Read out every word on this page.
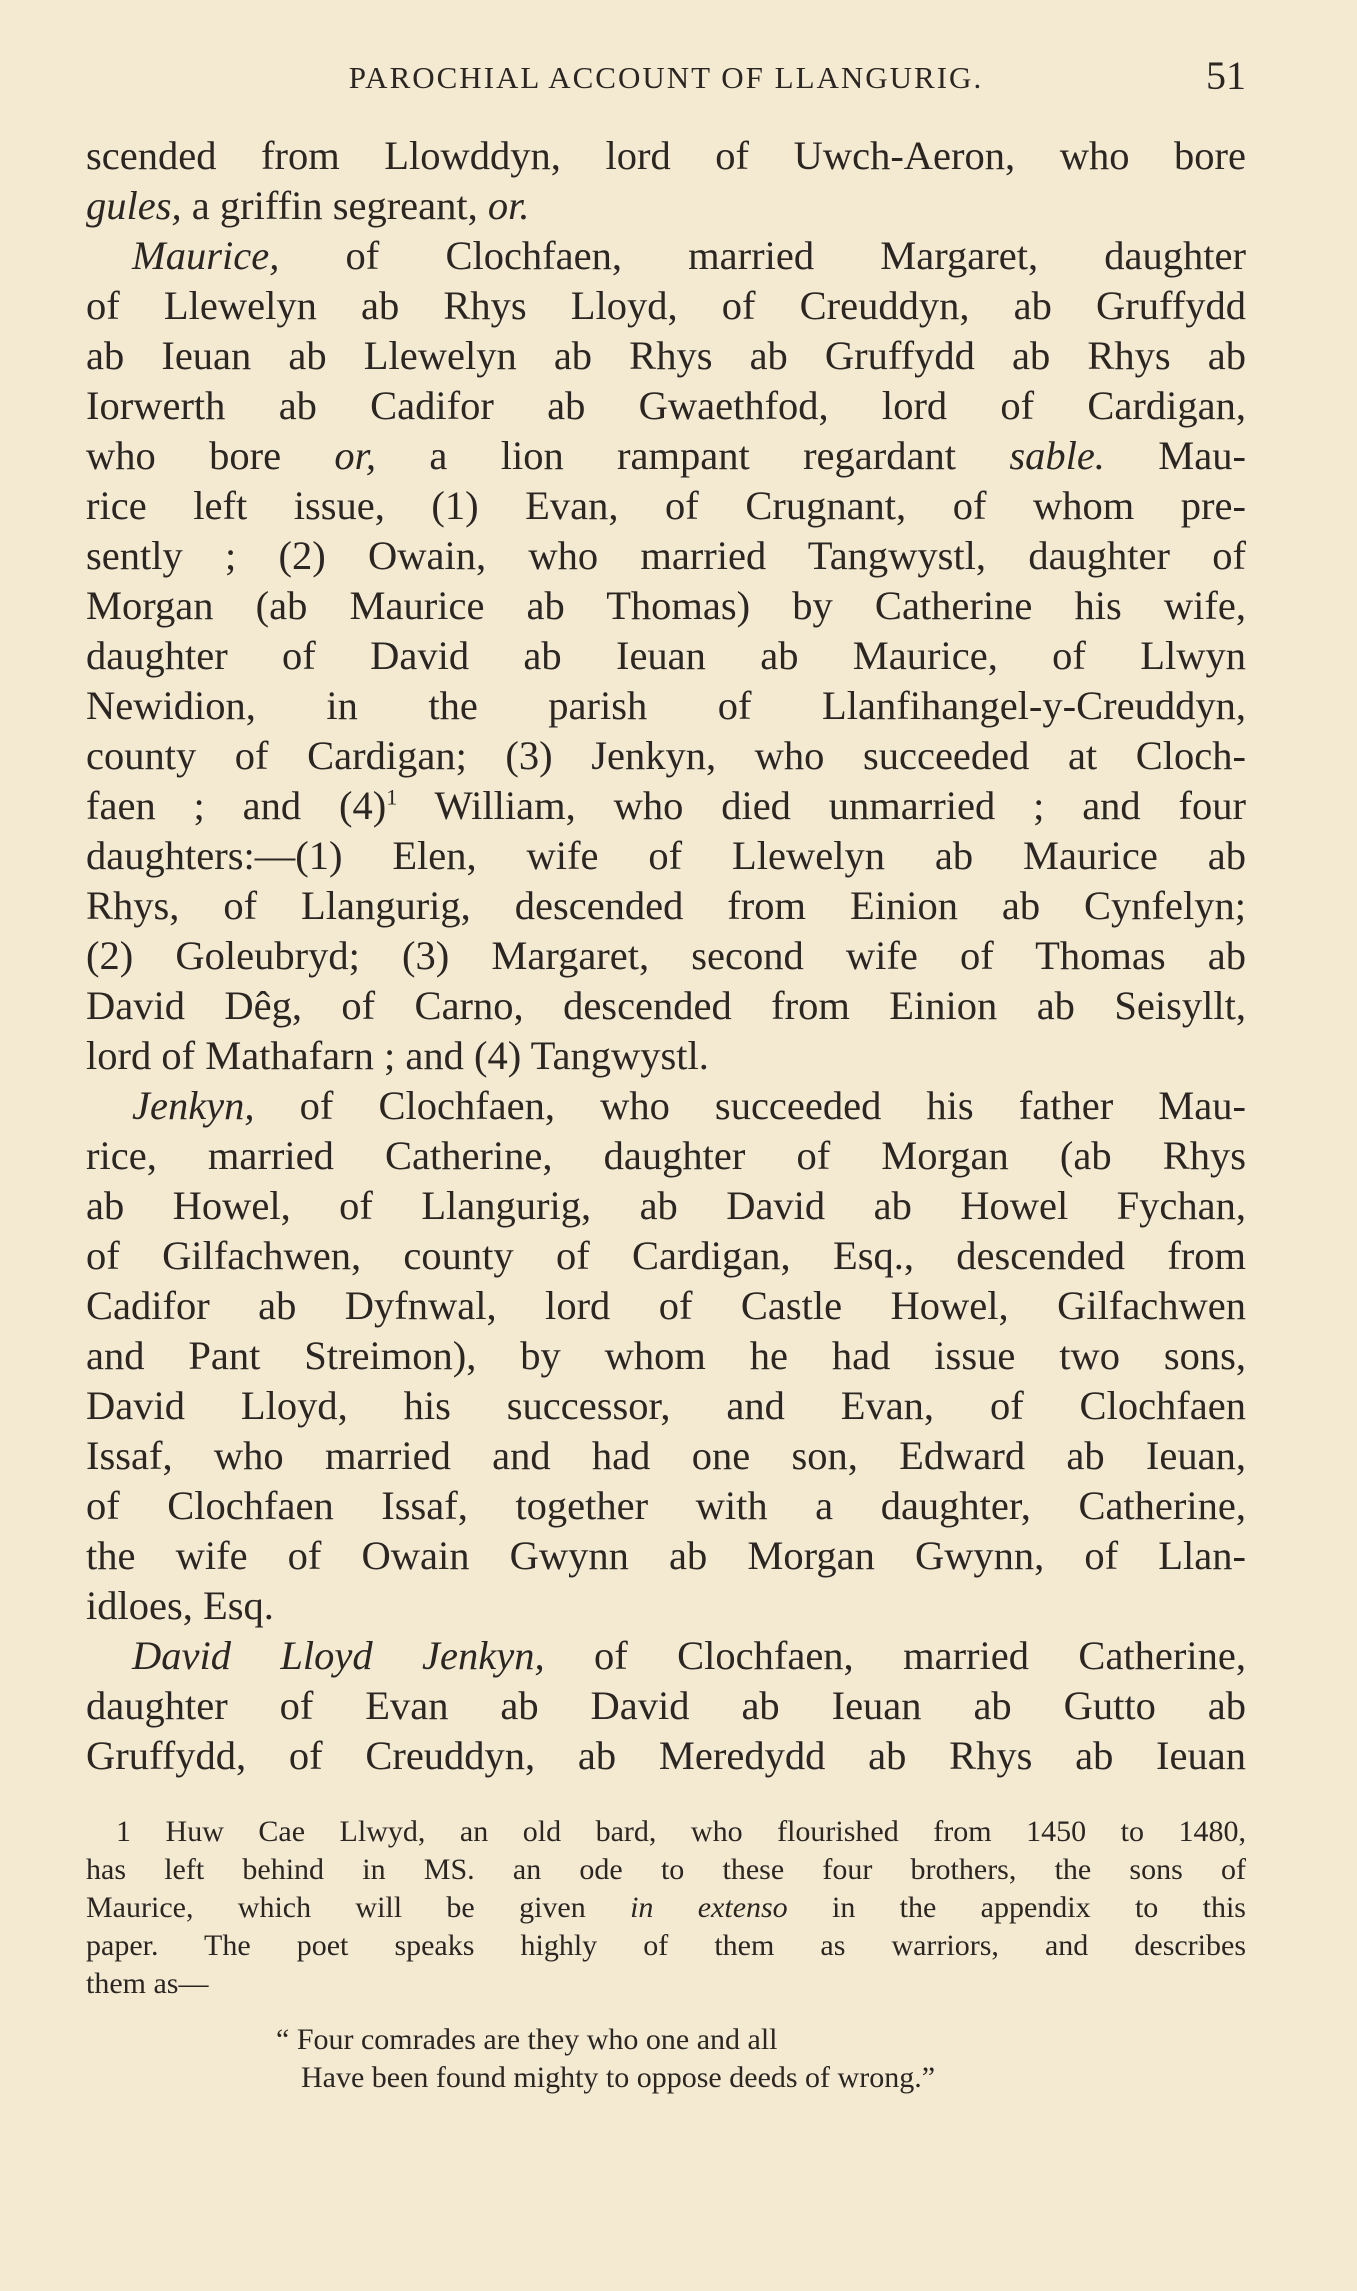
PAROCHIAL ACCOUNT OF LLANGURIG.	51
scended from Llowddyn, lord of Uwch-Aeron, who bore
gules, a griffin segreant, or.
Maurice, of Clochfaen, married Margaret, daughter
of Llewelyn ab Rhys Lloyd, of Creuddyn, ab Gruffydd
ab Ieuan ab Llewelyn ab Rhys ab Gruffydd ab Rhys ab
Iorwerth ab Cadifor ab Gwaethfod, lord of Cardigan,
who bore or, a lion rampant regardant sable. Mau-
rice left issue, (1) Evan, of Crugnant, of whom pre-
sently ; (2) Owain, who married Tangwystl, daughter of
Morgan (ab Maurice ab Thomas) by Catherine his wife,
daughter of David ab Ieuan ab Maurice, of Llwyn
Newidion, in the parish of Llanfihangel-y-Creuddyn,
county of Cardigan; (3) Jenkyn, who succeeded at Cloch-
faen ; and $(4)^1$ William, who died unmarried ; and four
daughters:—(1) Elen, wife of Llewelyn ab Maurice ab
Rhys, of Llangurig, descended from Einion ab Cynfelyn;
(2) Goleubryd; (3) Margaret, second wife of Thomas ab
David Dêg, of Carno, descended from Einion ab Seisyllt,
lord of Mathafarn ; and (4) Tangwystl.
Jenkyn, of Clochfaen, who succeeded his father Mau-
rice, married Catherine, daughter of Morgan (ab Rhys
ab Howel, of Llangurig, ab David ab Howel Fychan,
of Gilfachwen, county of Cardigan, Esq., descended from
Cadifor ab Dyfnwal, lord of Castle Howel, Gilfachwen
and Pant Streimon), by whom he had issue two sons,
David Lloyd, his successor, and Evan, of Clochfaen
Issaf, who married and had one son, Edward ab Ieuan,
of Clochfaen Issaf, together with a daughter, Catherine,
the wife of Owain Gwynn ab Morgan Gwynn, of Llan-
idloes, Esq.
David Lloyd Jenkyn, of Clochfaen, married Catherine,
daughter of Evan ab David ab Ieuan ab Gutto ab
Gruffydd, of Creuddyn, ab Meredydd ab Rhys ab Ieuan
1 Huw Cae Llwyd, an old bard, who flourished from 1450 to 1480,
has left behind in MS. an ode to these four brothers, the sons of
Maurice, which will be given in extenso in the appendix to this
paper. The poet speaks highly of them as warriors, and describes
them as—
“ Four comrades are they who one and all
Have been found mighty to oppose deeds of wrong.”
